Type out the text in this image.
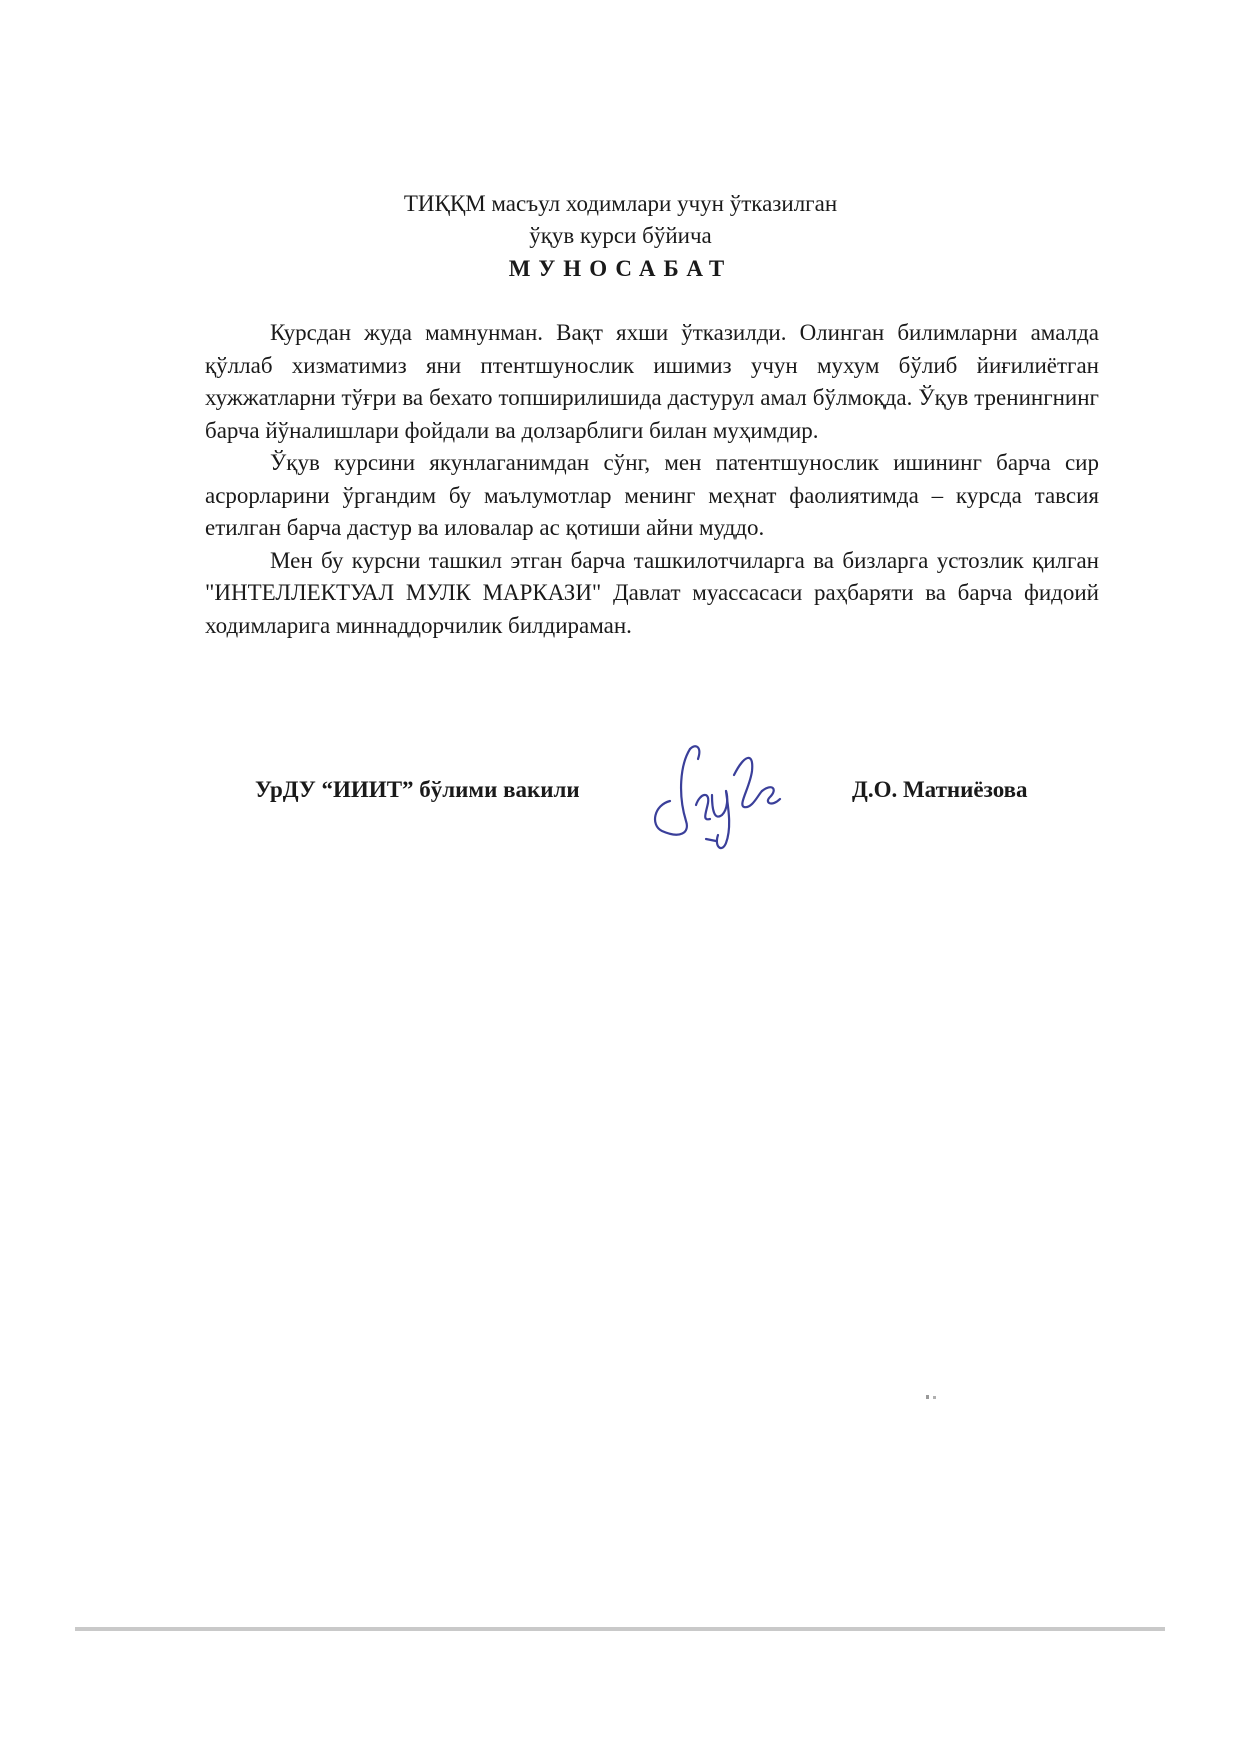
ТИҚҚМ масъул ходимлари учун ўтказилган
ўқув курси бўйича
МУНОСАБАТ

Курсдан жуда мамнунман. Вақт яхши ўтказилди. Олинган билимларни амалда қўллаб хизматимиз яни птентшунослик ишимиз учун мухум бўлиб йиғилиётган хужжатларни тўғри ва бехато топширилишида дастурул амал бўлмоқда. Ўқув тренингнинг барча йўналишлари фойдали ва долзарблиги билан муҳимдир.

Ўқув курсини якунлаганимдан сўнг, мен патентшунослик ишининг барча сир асрорларини ўргандим бу маълумотлар менинг меҳнат фаолиятимда – курсда тавсия етилган барча дастур ва иловалар ас қотиши айни муддо.

Мен бу курсни ташкил этган барча ташкилотчиларга ва бизларга устозлик қилган "ИНТЕЛЛЕКТУАЛ МУЛК МАРКАЗИ" Давлат муассасаси раҳбаряти ва барча фидоий ходимларига миннаддорчилик билдираман.

УрДУ “ИИИТ” бўлими вакили	Д.О. Матниёзова
